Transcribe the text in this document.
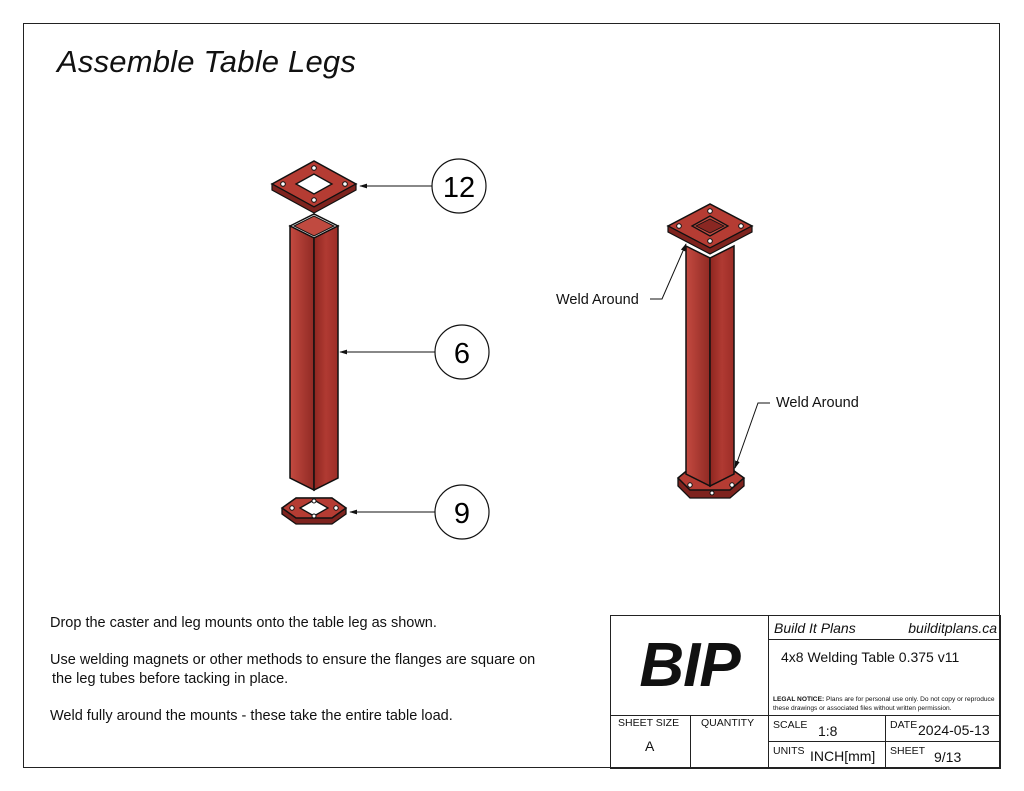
Assemble Table Legs
12
6
9
Weld Around
Weld Around

Drop the caster and leg mounts onto the table leg as shown.

Use welding magnets or other methods to ensure the flanges are square on

the leg tubes before tacking in place.

Weld fully around the mounts - these take the entire table load.

BIP
Build It Plans	builditplans.ca
4x8 Welding Table 0.375 v11
LEGAL NOTICE: Plans are for personal use only. Do not copy or reproduce these drawings or associated files without written permission.
SHEET SIZE
A
QUANTITY SCALE 1:8	DATE 2024-05-13
UNITS INCH[mm] SHEET 9/13
